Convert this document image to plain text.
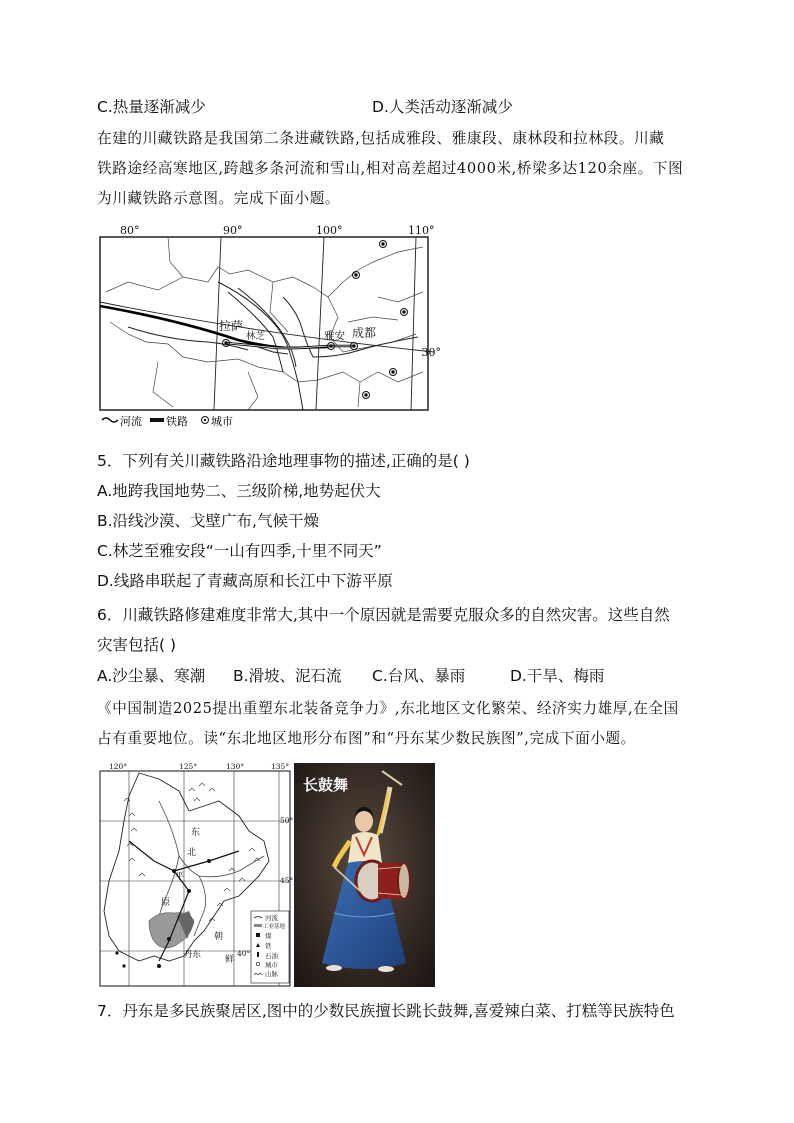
C.热量逐渐减少	D.人类活动逐渐减少
在建的川藏铁路是我国第二条进藏铁路,包括成雅段、雅康段、康林段和拉林段。川藏
铁路途经高寒地区,跨越多条河流和雪山,相对高差超过4000米,桥梁多达120余座。下图
为川藏铁路示意图。完成下面小题。
80°	90°	100°	110°
30°
拉萨
林芝	雅安 成都
河流 铁路 城市
5．下列有关川藏铁路沿途地理事物的描述,正确的是( )
A.地跨我国地势二、三级阶梯,地势起伏大
B.沿线沙漠、戈壁广布,气候干燥
C.林芝至雅安段“一山有四季,十里不同天”
D.线路串联起了青藏高原和长江中下游平原
6．川藏铁路修建难度非常大,其中一个原因就是需要克服众多的自然灾害。这些自然
灾害包括( )
A.沙尘暴、寒潮 B.滑坡、泥石流 C.台风、暴雨	D.干旱、梅雨
《中国制造2025提出重塑东北装备竞争力》,东北地区文化繁荣、经济实力雄厚,在全国
占有重要地位。读“东北地区地形分布图”和“丹东某少数民族图”,完成下面小题。
120°	125°	130°	135°
50°
45°
40°
东
北
平
原
丹东
朝
鲜
河流
工业基地
煤
铁
石油
城市
山脉
长鼓舞
7．丹东是多民族聚居区,图中的少数民族擅长跳长鼓舞,喜爱辣白菜、打糕等民族特色
